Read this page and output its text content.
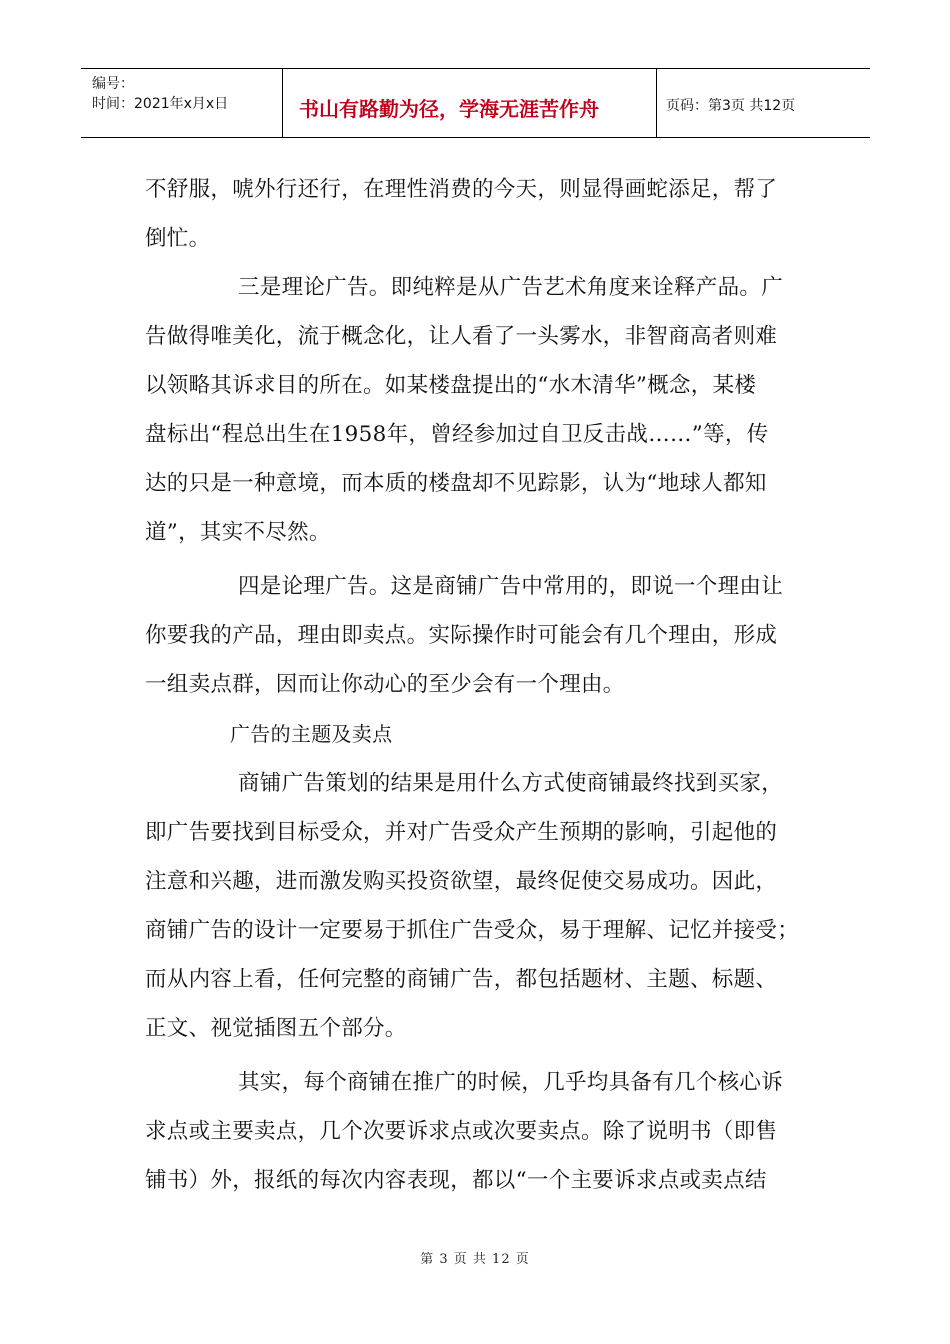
编号：
时间：2021年x月x日	书山有路勤为径，学海无涯苦作舟	页码：第3页 共12页
不舒服，唬外行还行，在理性消费的今天，则显得画蛇添足，帮了
倒忙。
三是理论广告。即纯粹是从广告艺术角度来诠释产品。广
告做得唯美化，流于概念化，让人看了一头雾水，非智商高者则难
以领略其诉求目的所在。如某楼盘提出的“水木清华”概念，某楼
盘标出“程总出生在1958年，曾经参加过自卫反击战……”等，传
达的只是一种意境，而本质的楼盘却不见踪影，认为“地球人都知
道”，其实不尽然。
四是论理广告。这是商铺广告中常用的，即说一个理由让
你要我的产品，理由即卖点。实际操作时可能会有几个理由，形成
一组卖点群，因而让你动心的至少会有一个理由。
广告的主题及卖点
商铺广告策划的结果是用什么方式使商铺最终找到买家，
即广告要找到目标受众，并对广告受众产生预期的影响，引起他的
注意和兴趣，进而激发购买投资欲望，最终促使交易成功。因此，
商铺广告的设计一定要易于抓住广告受众，易于理解、记忆并接受；
而从内容上看，任何完整的商铺广告，都包括题材、主题、标题、
正文、视觉插图五个部分。
其实，每个商铺在推广的时候，几乎均具备有几个核心诉
求点或主要卖点，几个次要诉求点或次要卖点。除了说明书（即售
铺书）外，报纸的每次内容表现，都以“一个主要诉求点或卖点结
第 3 页 共 12 页
